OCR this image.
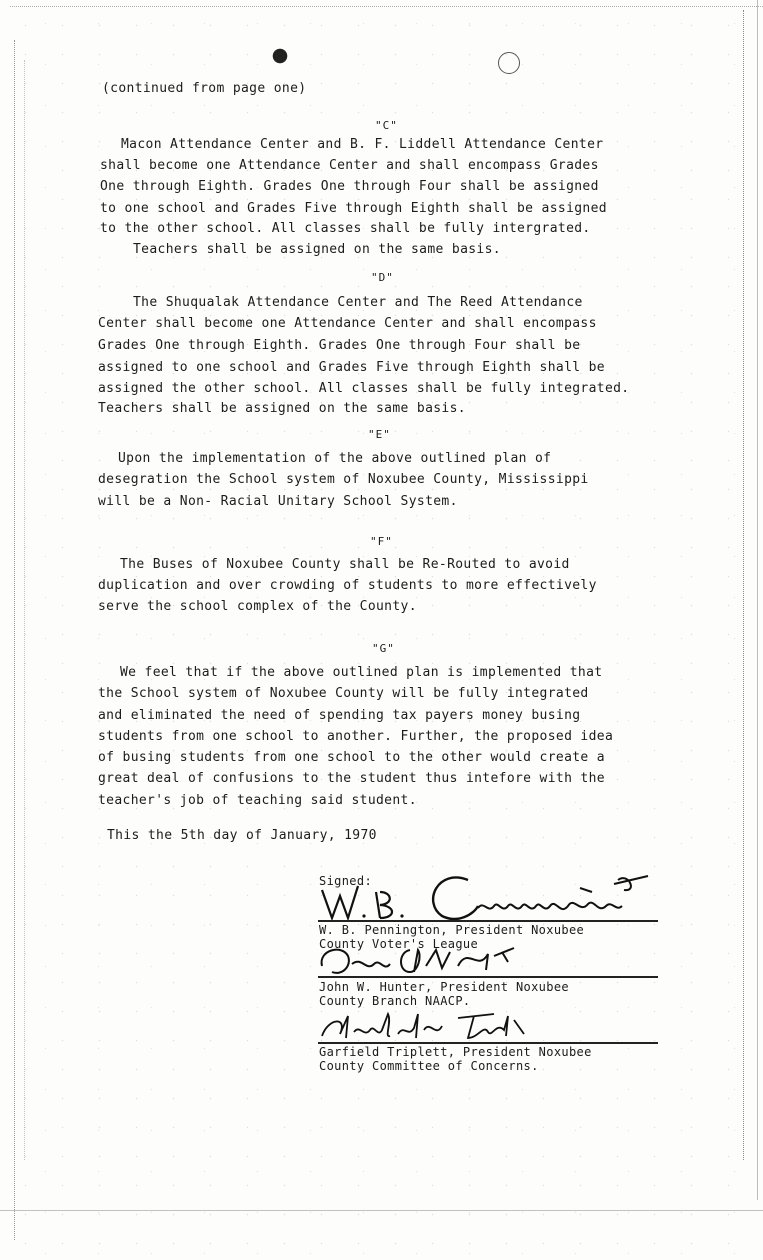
(continued from page one)
"C"
Macon Attendance Center and B. F. Liddell Attendance Center
shall become one Attendance Center and shall encompass Grades
One through Eighth. Grades One through Four shall be assigned
to one school and Grades Five through Eighth shall be assigned
to the other school. All classes shall be fully intergrated.
Teachers shall be assigned on the same basis.
"D"
The Shuqualak Attendance Center and The Reed Attendance
Center shall become one Attendance Center and shall encompass
Grades One through Eighth. Grades One through Four shall be
assigned to one school and Grades Five through Eighth shall be
assigned the other school. All classes shall be fully integrated.
Teachers shall be assigned on the same basis.
"E"
Upon the implementation of the above outlined plan of
desegration the School system of Noxubee County, Mississippi
will be a Non- Racial Unitary School System.
"F"
The Buses of Noxubee County shall be Re-Routed to avoid
duplication and over crowding of students to more effectively
serve the school complex of the County.
"G"
We feel that if the above outlined plan is implemented that
the School system of Noxubee County will be fully integrated
and eliminated the need of spending tax payers money busing
students from one school to another. Further, the proposed idea
of busing students from one school to the other would create a
great deal of confusions to the student thus intefore with the
teacher's job of teaching said student.
This the 5th day of January, 1970
Signed:
W. B. Pennington, President Noxubee
County Voter's League
John W. Hunter, President Noxubee
County Branch NAACP.
Garfield Triplett, President Noxubee
County Committee of Concerns.
